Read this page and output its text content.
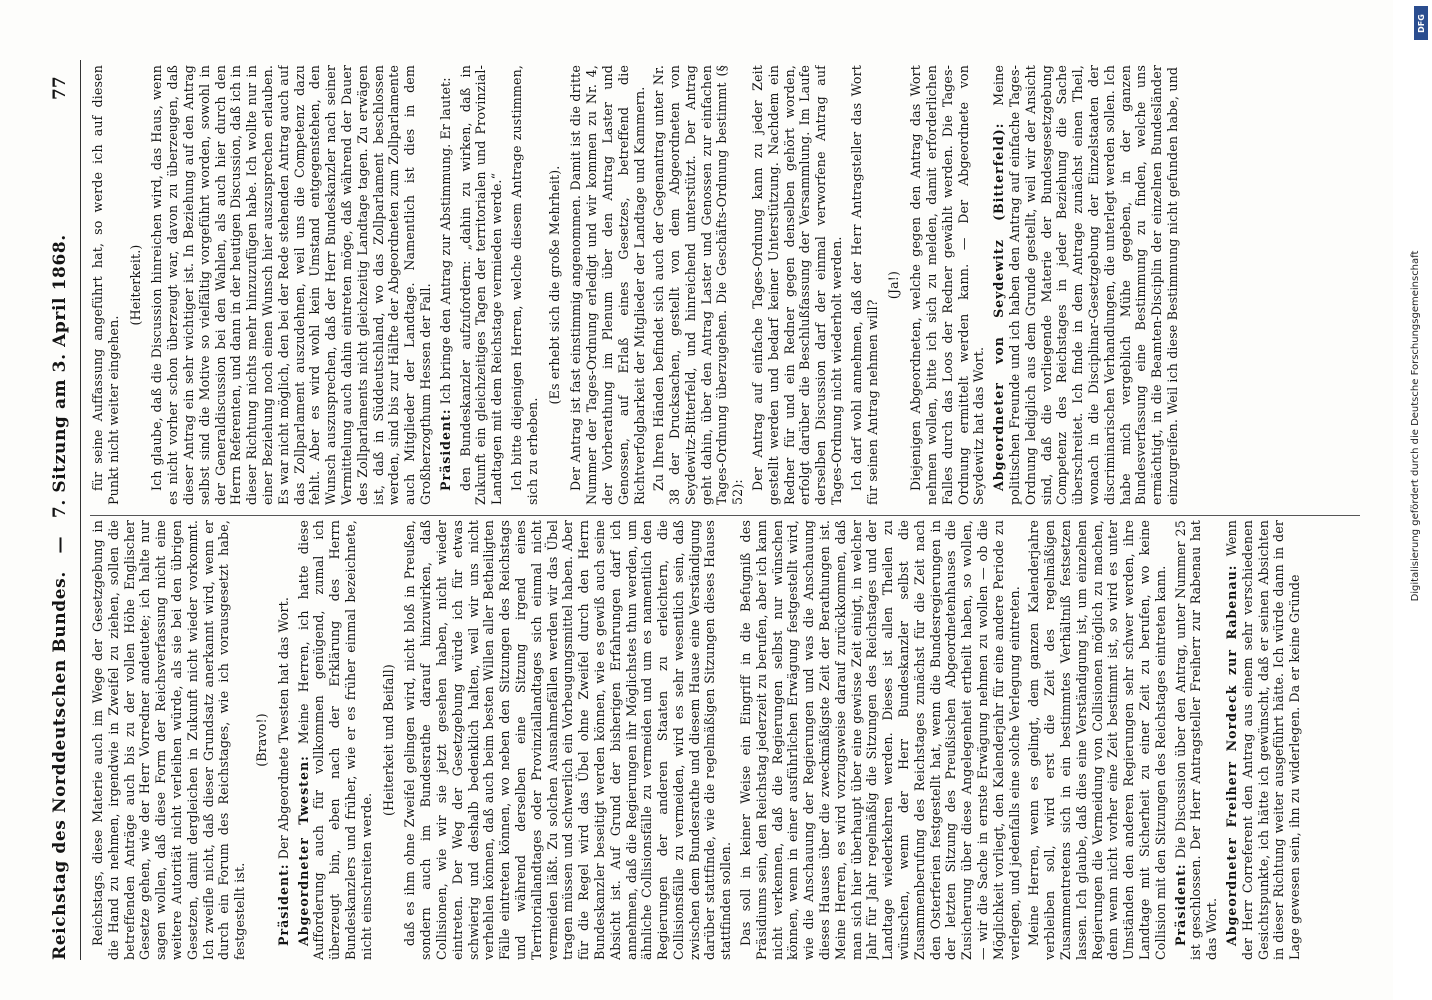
Reichstag des Norddeutschen Bundes. — 7. Sitzung am 3. April 1868.
77

Reichstags, diese Materie auch im Wege der Gesetzgebung in die Hand zu nehmen, irgendwie in Zweifel zu ziehen, sollen die betreffenden Anträge auch bis zu der vollen Höhe Englischer Gesetze gehen, wie der Herr Vorredner andeutete; ich halte nur sagen wollen, daß diese Form der Reichsverfassung nicht eine weitere Autorität nicht verleihen würde, als sie bei den übrigen Gesetzen, damit dergleichen in Zukunft nicht wieder vorkommt. Ich zweifle nicht, daß dieser Grundsatz anerkannt wird, wenn er durch ein Forum des Reichstages, wie ich vorausgesetzt habe, festgestellt ist.

(Bravo!)

Präsident: Der Abgeordnete Twesten hat das Wort. Abgeordneter Twesten: Meine Herren, ich hatte diese Aufforderung auch für vollkommen genügend, zumal ich überzeugt bin, eben nach der Erklärung des Herrn Bundeskanzlers und früher, wie er es früher einmal bezeichnete, nicht einschreiten werde.

(Heiterkeit und Beifall) daß es ihm ohne Zweifel gelingen wird, nicht bloß in Preußen, sondern auch im Bundesrathe darauf hinzuwirken, daß Collisionen, wie wir sie jetzt gesehen haben, nicht wieder eintreten. Der Weg der Gesetzgebung würde ich für etwas schwierig und deshalb bedenklich halten, weil wir uns nicht verhehlen können, daß auch beim besten Willen aller Betheiligten Fälle eintreten können, wo neben den Sitzungen des Reichstags und während derselben eine Sitzung irgend eines Territoriallandtages oder Provinziallandtages sich einmal nicht vermeiden läßt. Zu solchen Ausnahmefällen werden wir das Übel tragen müssen und schwerlich ein Vorbeugungsmittel haben. Aber für die Regel wird das Übel ohne Zweifel durch den Herrn Bundeskanzler beseitigt werden können, wie es gewiß auch seine Absicht ist. Auf Grund der bisherigen Erfahrungen darf ich annehmen, daß die Regierungen ihr Möglichstes thun werden, um ähnliche Collisionsfälle zu vermeiden und um es namentlich den Regierungen der anderen Staaten zu erleichtern, die Collisionsfälle zu vermeiden, wird es sehr wesentlich sein, daß zwischen dem Bundesrathe und diesem Hause eine Verständigung darüber stattfinde, wie die regelmäßigen Sitzungen dieses Hauses stattfinden sollen. Das soll in keiner Weise ein Eingriff in die Befugniß des Präsidiums sein, den Reichstag jederzeit zu berufen, aber ich kann nicht verkennen, daß die Regierungen selbst nur wünschen können, wenn in einer ausführlichen Erwägung festgestellt wird, wie die Anschauung der Regierungen und was die Anschauung dieses Hauses über die zweckmäßigste Zeit der Berathungen ist. Meine Herren, es wird vorzugsweise darauf zurückkommen, daß man sich hier überhaupt über eine gewisse Zeit einigt, in welcher Jahr für Jahr regelmäßig die Sitzungen des Reichstages und der Landtage wiederkehren werden. Dieses ist allen Theilen zu wünschen, wenn der Herr Bundeskanzler selbst die Zusammenberufung des Reichstages zunächst für die Zeit nach den Osterferien festgestellt hat, wenn die Bundesregierungen in der letzten Sitzung des Preußischen Abgeordnetenhauses die Zusicherung über diese Angelegenheit ertheilt haben, so wollen, — wir die Sache in ernste Erwägung nehmen zu wollen — ob die Möglichkeit vorliegt, den Kalenderjahr für eine andere Periode zu verlegen, und jedenfalls eine solche Verlegung eintreten. Meine Herren, wenn es gelingt, dem ganzen Kalenderjahre verbleiben soll, wird erst die Zeit des regelmäßigen Zusammentretens sich in ein bestimmtes Verhältniß festsetzen lassen. Ich glaube, daß dies eine Verständigung ist, um einzelnen Regierungen die Vermeidung von Collisionen möglich zu machen, denn wenn nicht vorher eine Zeit bestimmt ist, so wird es unter Umständen den anderen Regierungen sehr schwer werden, ihre Landtage mit Sicherheit zu einer Zeit zu berufen, wo keine Collision mit den Sitzungen des Reichstages eintreten kann. Präsident: Die Discussion über den Antrag, unter Nummer 25 ist geschlossen. Der Herr Antragsteller Freiherr zur Rabenau hat das Wort. Abgeordneter Freiherr Nordeck zur Rabenau: Wenn der Herr Correferent den Antrag aus einem sehr verschiedenen Gesichtspunkte, ich hätte ich gewünscht, daß er seinen Absichten in dieser Richtung weiter ausgeführt hätte. Ich würde dann in der Lage gewesen sein, ihn zu widerlegen. Da er keine Gründe

für seine Auffassung angeführt hat, so werde ich auf diesen Punkt nicht weiter eingehen.

(Heiterkeit.) Ich glaube, daß die Discussion hinreichen wird, das Haus, wenn es nicht vorher schon überzeugt war, davon zu überzeugen, daß dieser Antrag ein sehr wichtiger ist. In Beziehung auf den Antrag selbst sind die Motive so vielfältig vorgeführt worden, sowohl in der Generaldiscussion bei den Wahlen, als auch hier durch den Herrn Referenten, und dann in der heutigen Discussion, daß ich in dieser Richtung nichts mehr hinzuzufügen habe. Ich wollte nur in einer Beziehung noch einen Wunsch hier auszusprechen erlauben. Es war nicht möglich, den bei der Rede stehenden Antrag auch auf das Zollparlament auszudehnen, weil uns die Competenz dazu fehlt. Aber es wird wohl kein Umstand entgegenstehen, den Wunsch auszusprechen, daß der Herr Bundeskanzler nach seiner Vermittelung auch dahin eintreten möge, daß während der Dauer des Zollparlaments nicht gleichzeitig Landtage tagen. Zu erwägen ist, daß in Süddeutschland, wo das Zollparlament beschlossen werden, sind bis zur Hälfte der Abgeordneten zum Zollparlamente auch Mitglieder der Landtage. Namentlich ist dies in dem Großherzogthum Hessen der Fall. Präsident: Ich bringe den Antrag zur Abstimmung. Er lautet: den Bundeskanzler aufzufordern: „dahin zu wirken, daß in Zukunft ein gleichzeitiges Tagen der territorialen und Provinzial-Landtagen mit dem Reichstage vermieden werde.“ Ich bitte diejenigen Herren, welche diesem Antrage zustimmen, sich zu erheben.

(Es erhebt sich die große Mehrheit). Der Antrag ist fast einstimmig angenommen. Damit ist die dritte Nummer der Tages-Ordnung erledigt und wir kommen zu Nr. 4, der Vorberathung im Plenum über den Antrag Laster und Genossen, auf Erlaß eines Gesetzes, betreffend die Richtverfolgbarkeit der Mitglieder der Landtage und Kammern. Zu Ihren Händen befindet sich auch der Gegenantrag unter Nr. 38 der Drucksachen, gestellt von dem Abgeordneten von Seydewitz-Bitterfeld, und hinreichend unterstützt. Der Antrag geht dahin, über den Antrag Laster und Genossen zur einfachen Tages-Ordnung überzugehen. Die Geschäfts-Ordnung bestimmt (§ 52):

Der Antrag auf einfache Tages-Ordnung kann zu jeder Zeit gestellt werden und bedarf keiner Unterstützung. Nachdem ein Redner für und ein Redner gegen denselben gehört worden, erfolgt darüber die Beschlußfassung der Versammlung. Im Laufe derselben Discussion darf der einmal verworfene Antrag auf Tages-Ordnung nicht wiederholt werden. Ich darf wohl annehmen, daß der Herr Antragsteller das Wort für seinen Antrag nehmen will?

(Ja!) Diejenigen Abgeordneten, welche gegen den Antrag das Wort nehmen wollen, bitte ich sich zu melden, damit erforderlichen Falles durch das Loos der Redner gewählt werden. Die Tages-Ordnung ermittelt werden kann. — Der Abgeordnete von Seydewitz hat das Wort. Abgeordneter von Seydewitz (Bitterfeld): Meine politischen Freunde und ich haben den Antrag auf einfache Tages-Ordnung lediglich aus dem Grunde gestellt, weil wir der Ansicht sind, daß die vorliegende Materie der Bundesgesetzgebung Competenz des Reichstages in jeder Beziehung die Sache überschreitet. Ich finde in dem Antrage zunächst einen Theil, wonach in die Disciplinar-Gesetzgebung der Einzelstaaten der discriminarischen Verhandlungen, die unterlegt werden sollen. Ich habe mich vergeblich Mühe gegeben, in der ganzen Bundesverfassung eine Bestimmung zu finden, welche uns ermächtigt, in die Beamten-Disciplin der einzelnen Bundesländer einzugreifen. Weil ich diese Bestimmung nicht gefunden habe, und

DFG
Digitalisierung gefördert durch die Deutsche Forschungsgemeinschaft
